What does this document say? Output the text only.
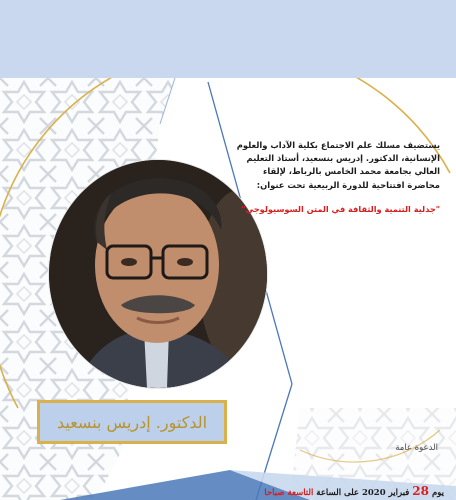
يستضيف مسلك علم الاجتماع بكلية الآداب والعلوم الإنسانية، الدكتور. إدريس بنسعيد، أستاذ التعليم العالي بجامعة محمد الخامس بالرباط، لإلقاء محاضرة افتتاحية للدورة الربيعية تحت عنوان:

"جدلية التنمية والثقافة في المتن السوسيولوجي"

الدكتور. إدريس بنسعيد

الدعوة عامة

يوم 28 فبراير 2020 على الساعة التاسعة صباحا
